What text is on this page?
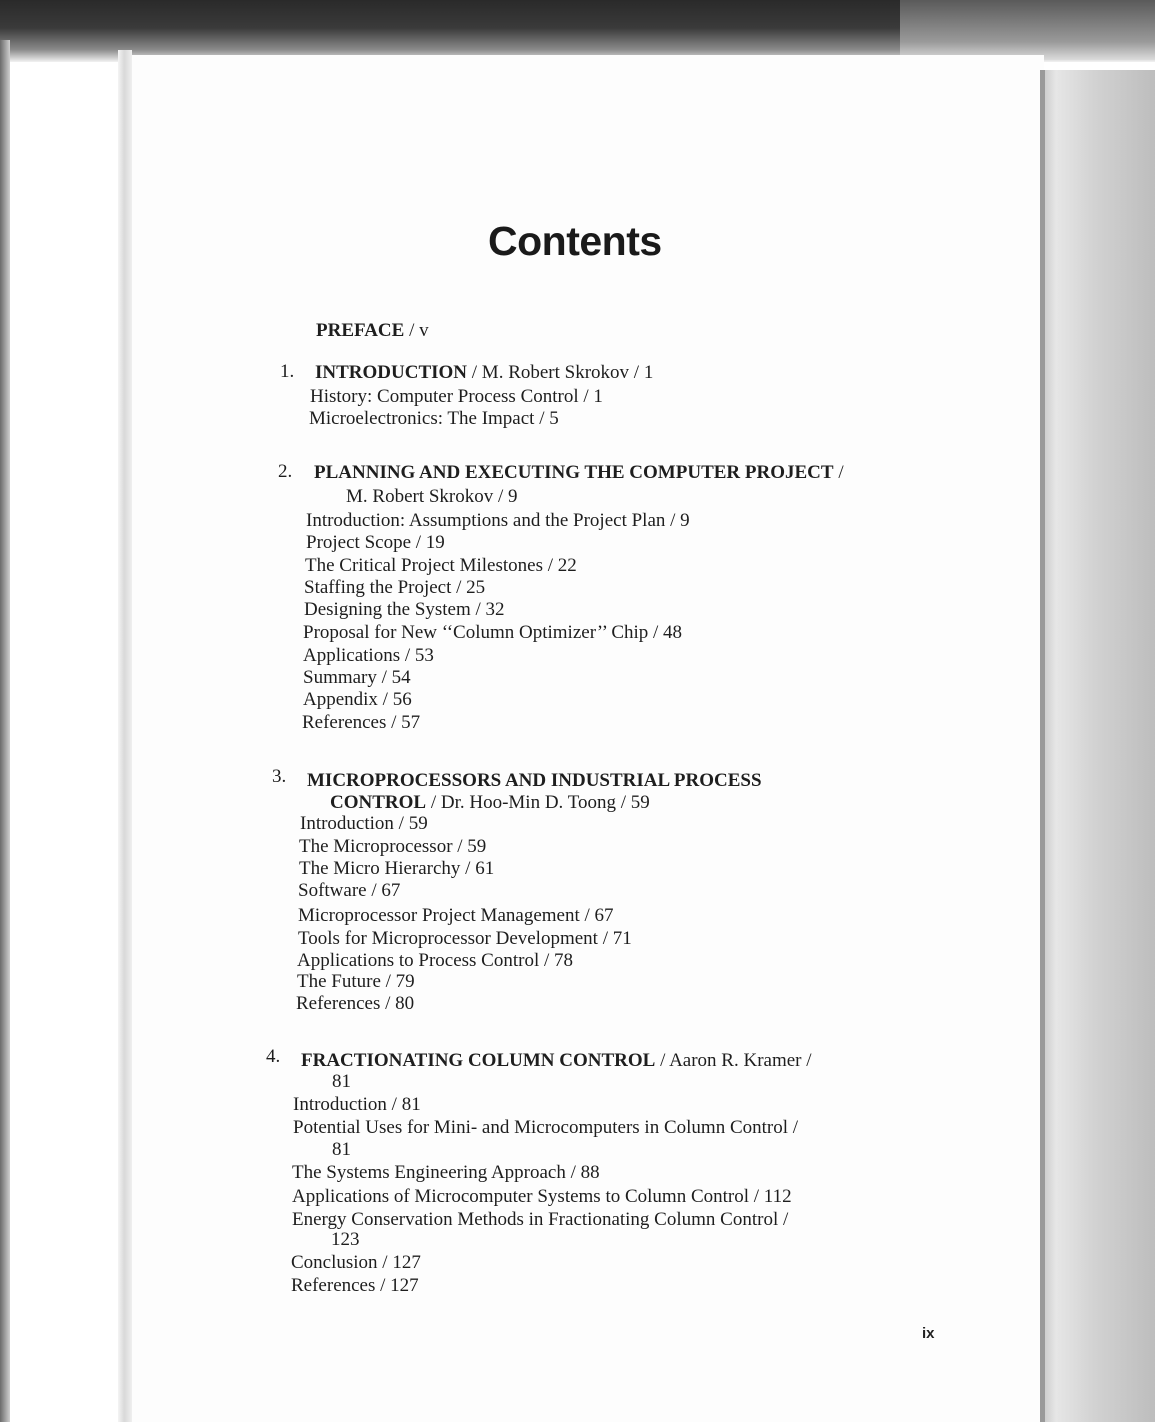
Contents
PREFACE / v
1. INTRODUCTION / M. Robert Skrokov / 1
History: Computer Process Control / 1
Microelectronics: The Impact / 5
2. PLANNING AND EXECUTING THE COMPUTER PROJECT /
M. Robert Skrokov / 9
Introduction: Assumptions and the Project Plan / 9
Project Scope / 19
The Critical Project Milestones / 22
Staffing the Project / 25
Designing the System / 32
Proposal for New ‘‘Column Optimizer’’ Chip / 48
Applications / 53
Summary / 54
Appendix / 56
References / 57
3. MICROPROCESSORS AND INDUSTRIAL PROCESS
CONTROL / Dr. Hoo-Min D. Toong / 59
Introduction / 59
The Microprocessor / 59
The Micro Hierarchy / 61
Software / 67
Microprocessor Project Management / 67
Tools for Microprocessor Development / 71
Applications to Process Control / 78
The Future / 79
References / 80
4. FRACTIONATING COLUMN CONTROL / Aaron R. Kramer /
81
Introduction / 81
Potential Uses for Mini- and Microcomputers in Column Control /
81
The Systems Engineering Approach / 88
Applications of Microcomputer Systems to Column Control / 112
Energy Conservation Methods in Fractionating Column Control /
123
Conclusion / 127
References / 127
ix
